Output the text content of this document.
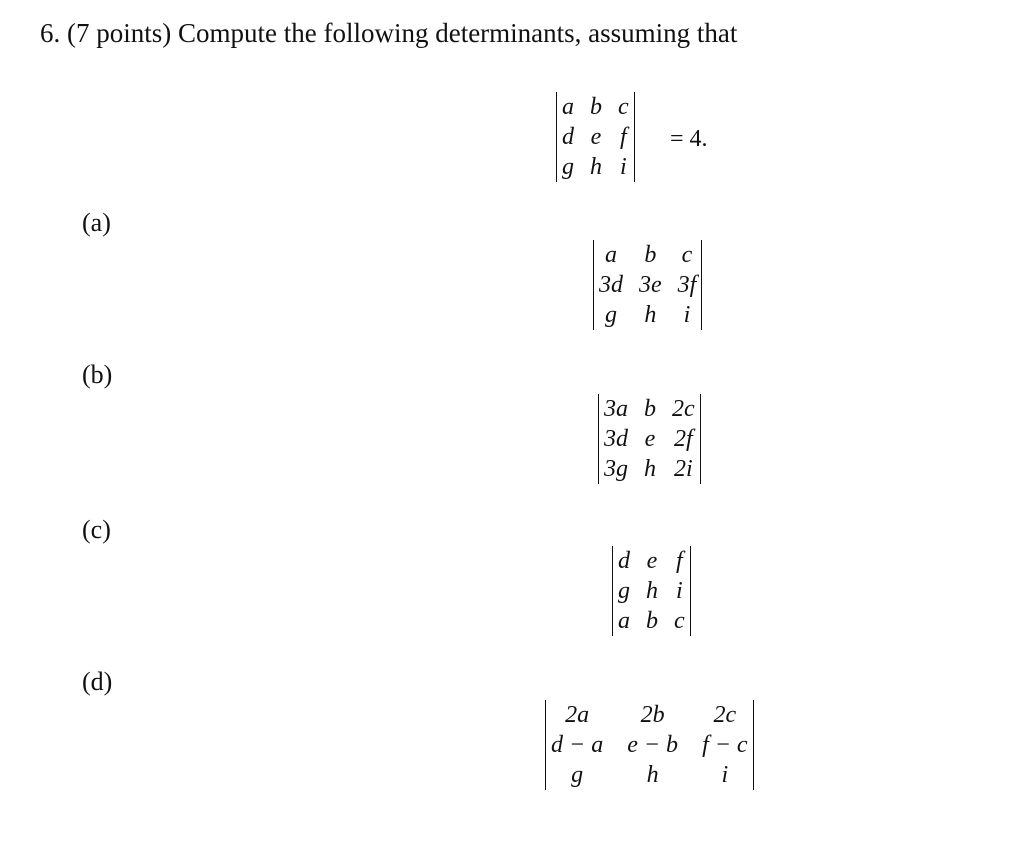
6. (7 points) Compute the following determinants, assuming that
a	b	c
d	e	f
g	h	i
= 4.
(a)
a	b	c
3d	3e	3f
g	h	i
(b)
3a	b	2c
3d	e	2f
3g	h	2i
(c)
d	e	f
g	h	i
a	b	c
(d)
2a	2b	2c
d − a	e − b	f − c
g	h	i
